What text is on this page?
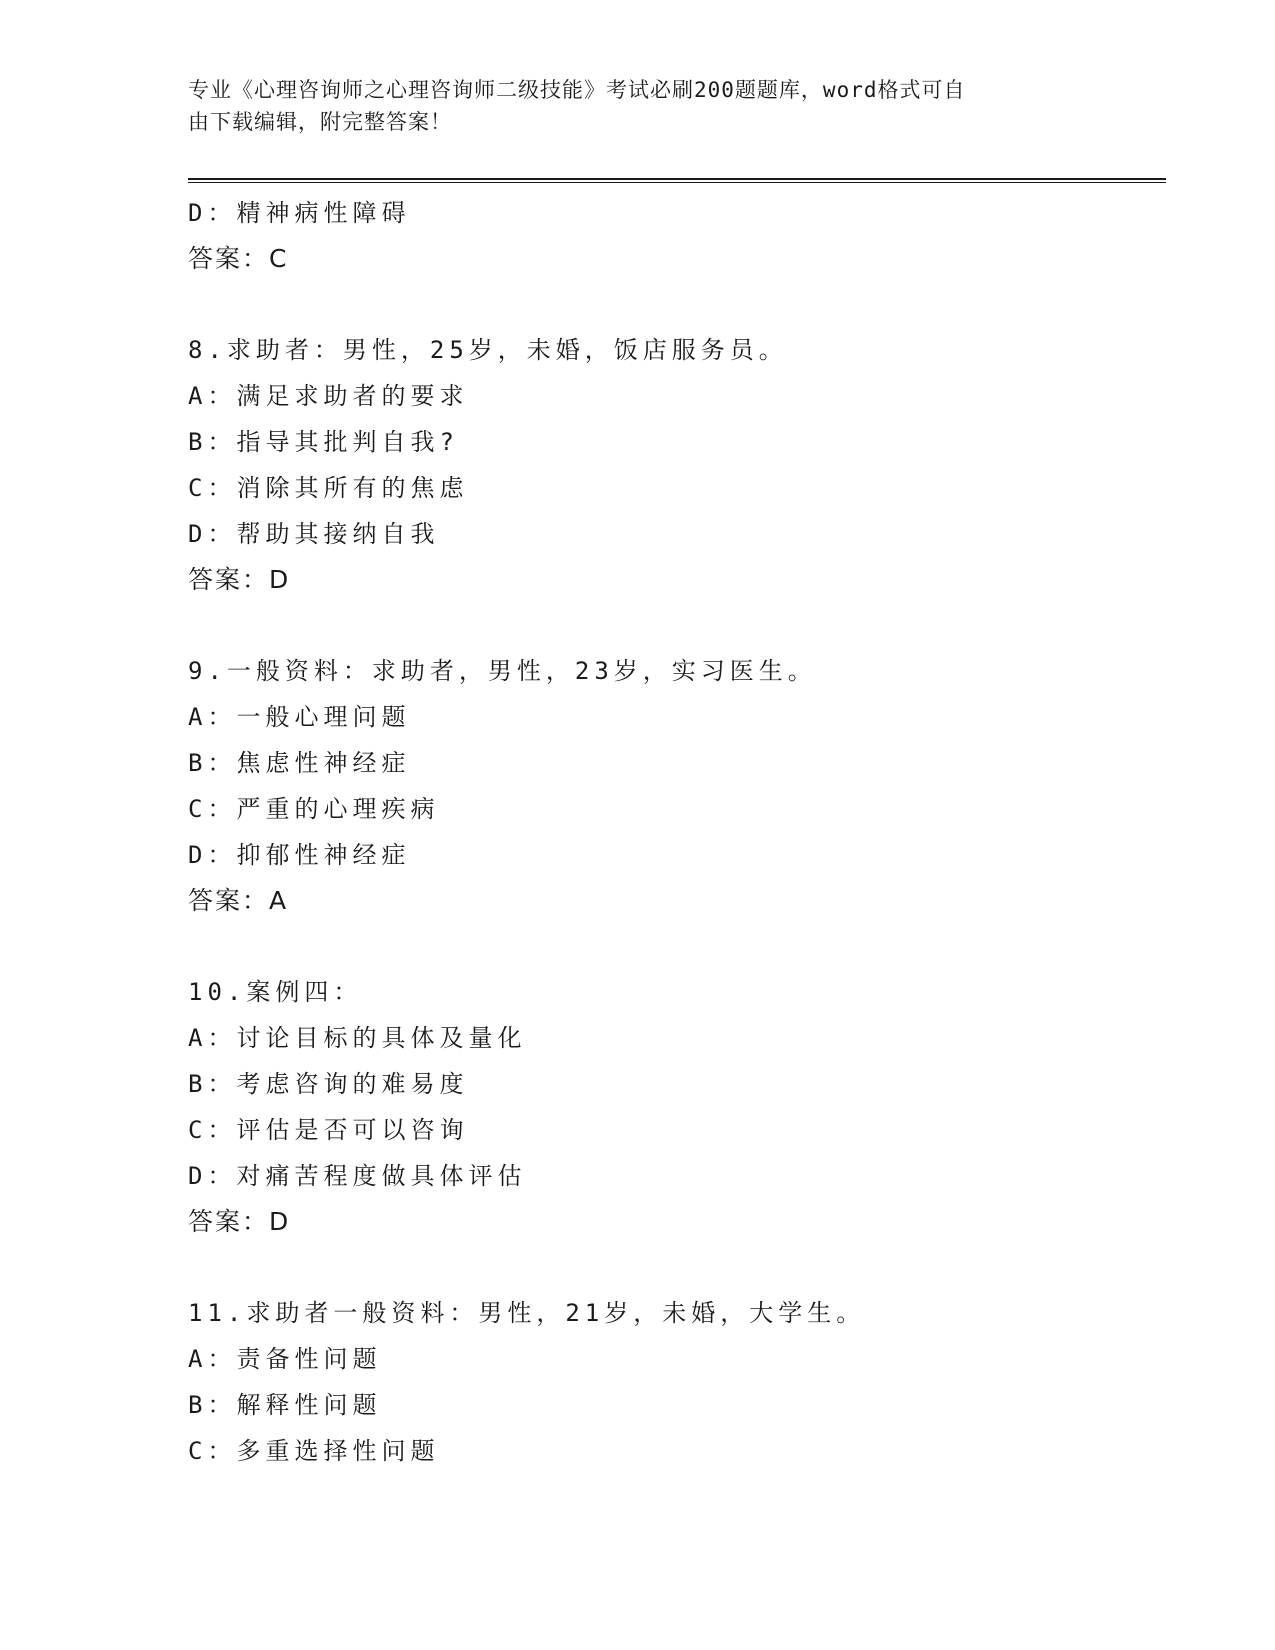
专业《心理咨询师之心理咨询师二级技能》考试必刷200题题库，word格式可自
由下载编辑，附完整答案！
D：精神病性障碍
答案：C
8.求助者：男性，25岁，未婚，饭店服务员。
A：满足求助者的要求
B：指导其批判自我?
C：消除其所有的焦虑
D：帮助其接纳自我
答案：D
9.一般资料：求助者，男性，23岁，实习医生。
A：一般心理问题
B：焦虑性神经症
C：严重的心理疾病
D：抑郁性神经症
答案：A
10.案例四：
A：讨论目标的具体及量化
B：考虑咨询的难易度
C：评估是否可以咨询
D：对痛苦程度做具体评估
答案：D
11.求助者一般资料：男性，21岁，未婚，大学生。
A：责备性问题
B：解释性问题
C：多重选择性问题
